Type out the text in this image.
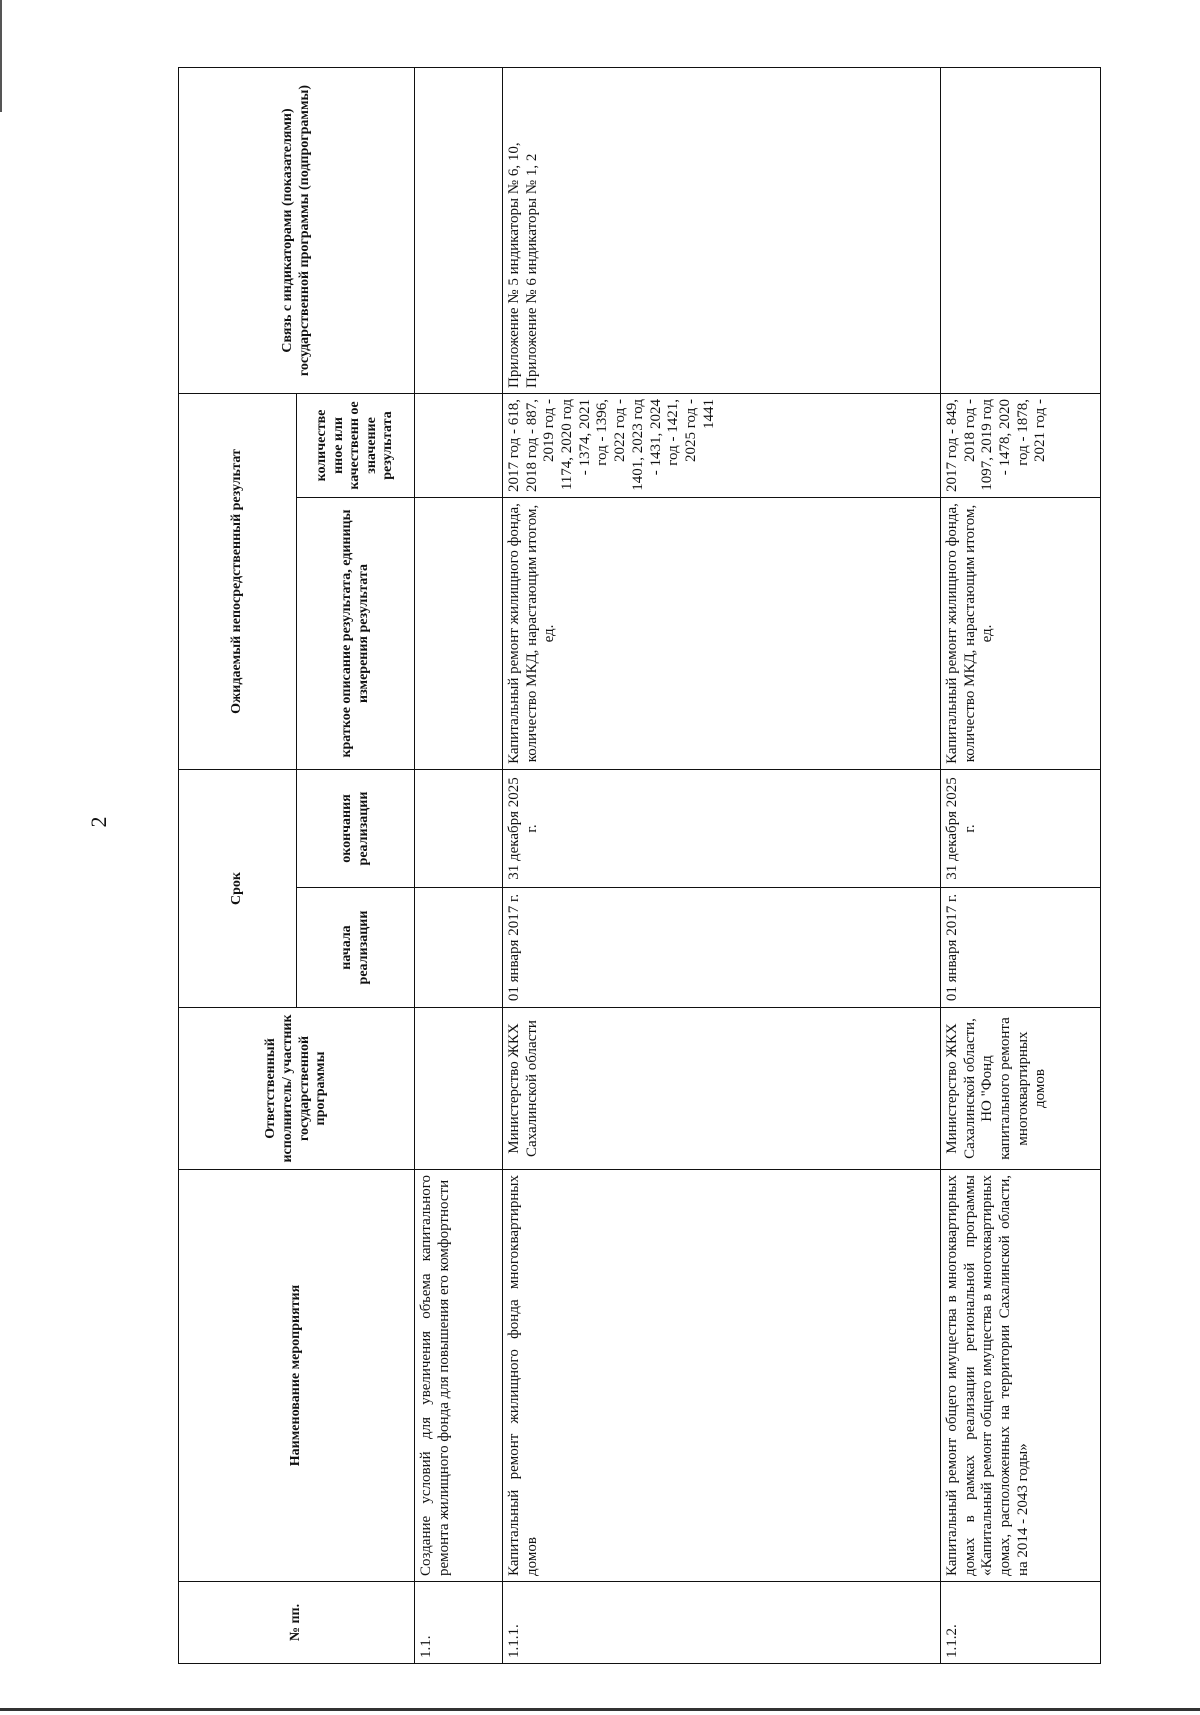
2
№ пп.	Наименование мероприятия	Ответственный исполнитель/ участник государственной программы	Срок		Ожидаемый непосредственный результат		Связь с индикаторами (показателями) государственной программы (подпрограммы)
			начала реализации	окончания реализации	краткое описание результата, единицы измерения результата	количестве нное или качественн ое значение результата	
1.1.	Создание условий для увеличения объема капитального ремонта жилищного фонда для повышения его комфортности						
1.1.1.	Капитальный ремонт жилищного фонда многоквартирных домов	Министерство ЖКХ Сахалинской области	01 января 2017 г.	31 декабря 2025 г.	Капитальный ремонт жилищного фонда, количество МКД, нарастающим итогом, ед.	2017 год - 618, 2018 год - 887, 2019 год - 1174, 2020 год - 1374, 2021 год - 1396, 2022 год - 1401, 2023 год - 1431, 2024 год - 1421, 2025 год - 1441	Приложение № 5 индикаторы № 6, 10, Приложение № 6 индикаторы № 1, 2
1.1.2.	Капитальный ремонт общего имущества в многоквартирных домах в рамках реализации региональной программы «Капитальный ремонт общего имущества в многоквартирных домах, расположенных на территории Сахалинской области, на 2014 - 2043 годы»	Министерство ЖКХ Сахалинской области, НО "Фонд капитального ремонта многоквартирных домов	01 января 2017 г.	31 декабря 2025 г.	Капитальный ремонт жилищного фонда, количество МКД, нарастающим итогом, ед.	2017 год - 849, 2018 год - 1097, 2019 год - 1478, 2020 год - 1878, 2021 год -	
